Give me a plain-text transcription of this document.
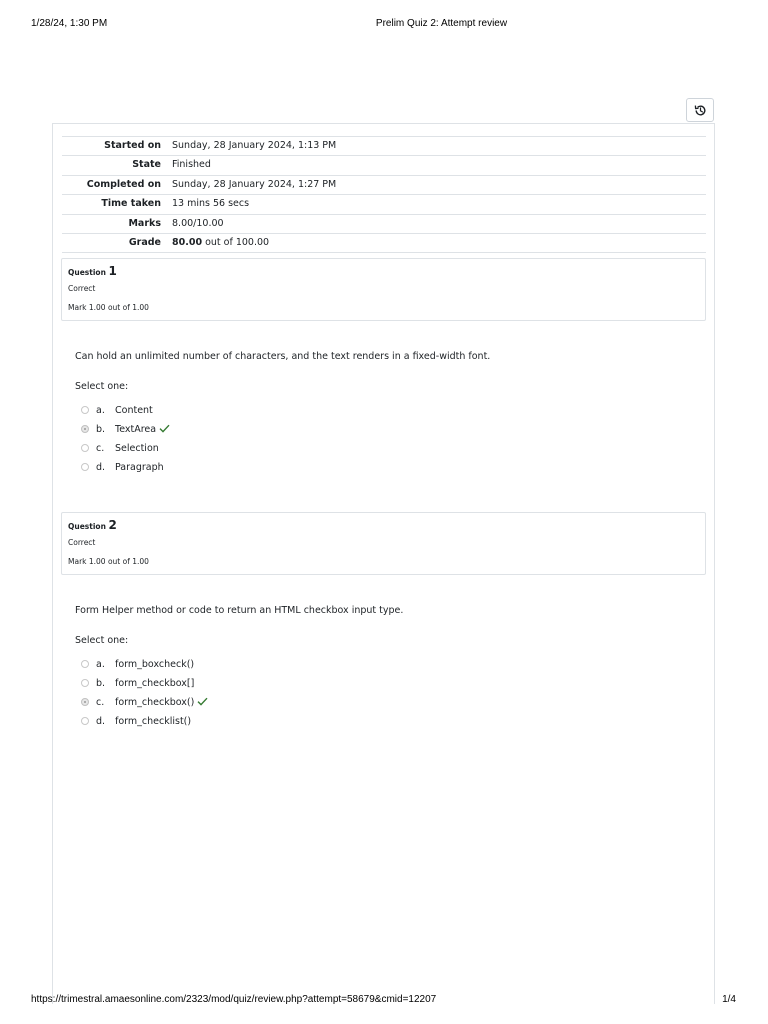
1/28/24, 1:30 PM	Prelim Quiz 2: Attempt review
Started on Sunday, 28 January 2024, 1:13 PM
State Finished
Completed on Sunday, 28 January 2024, 1:27 PM
Time taken 13 mins 56 secs
Marks 8.00/10.00
Grade 80.00 out of 100.00
Question 1
Correct
Mark 1.00 out of 1.00
Can hold an unlimited number of characters, and the text renders in a fixed-width font.
Select one:
a. Content
b. TextArea
c. Selection
d. Paragraph
Question 2
Correct
Mark 1.00 out of 1.00
Form Helper method or code to return an HTML checkbox input type.
Select one:
a. form_boxcheck()
b. form_checkbox[]
c. form_checkbox()
d. form_checklist()
https://trimestral.amaesonline.com/2323/mod/quiz/review.php?attempt=58679&cmid=12207	1/4
